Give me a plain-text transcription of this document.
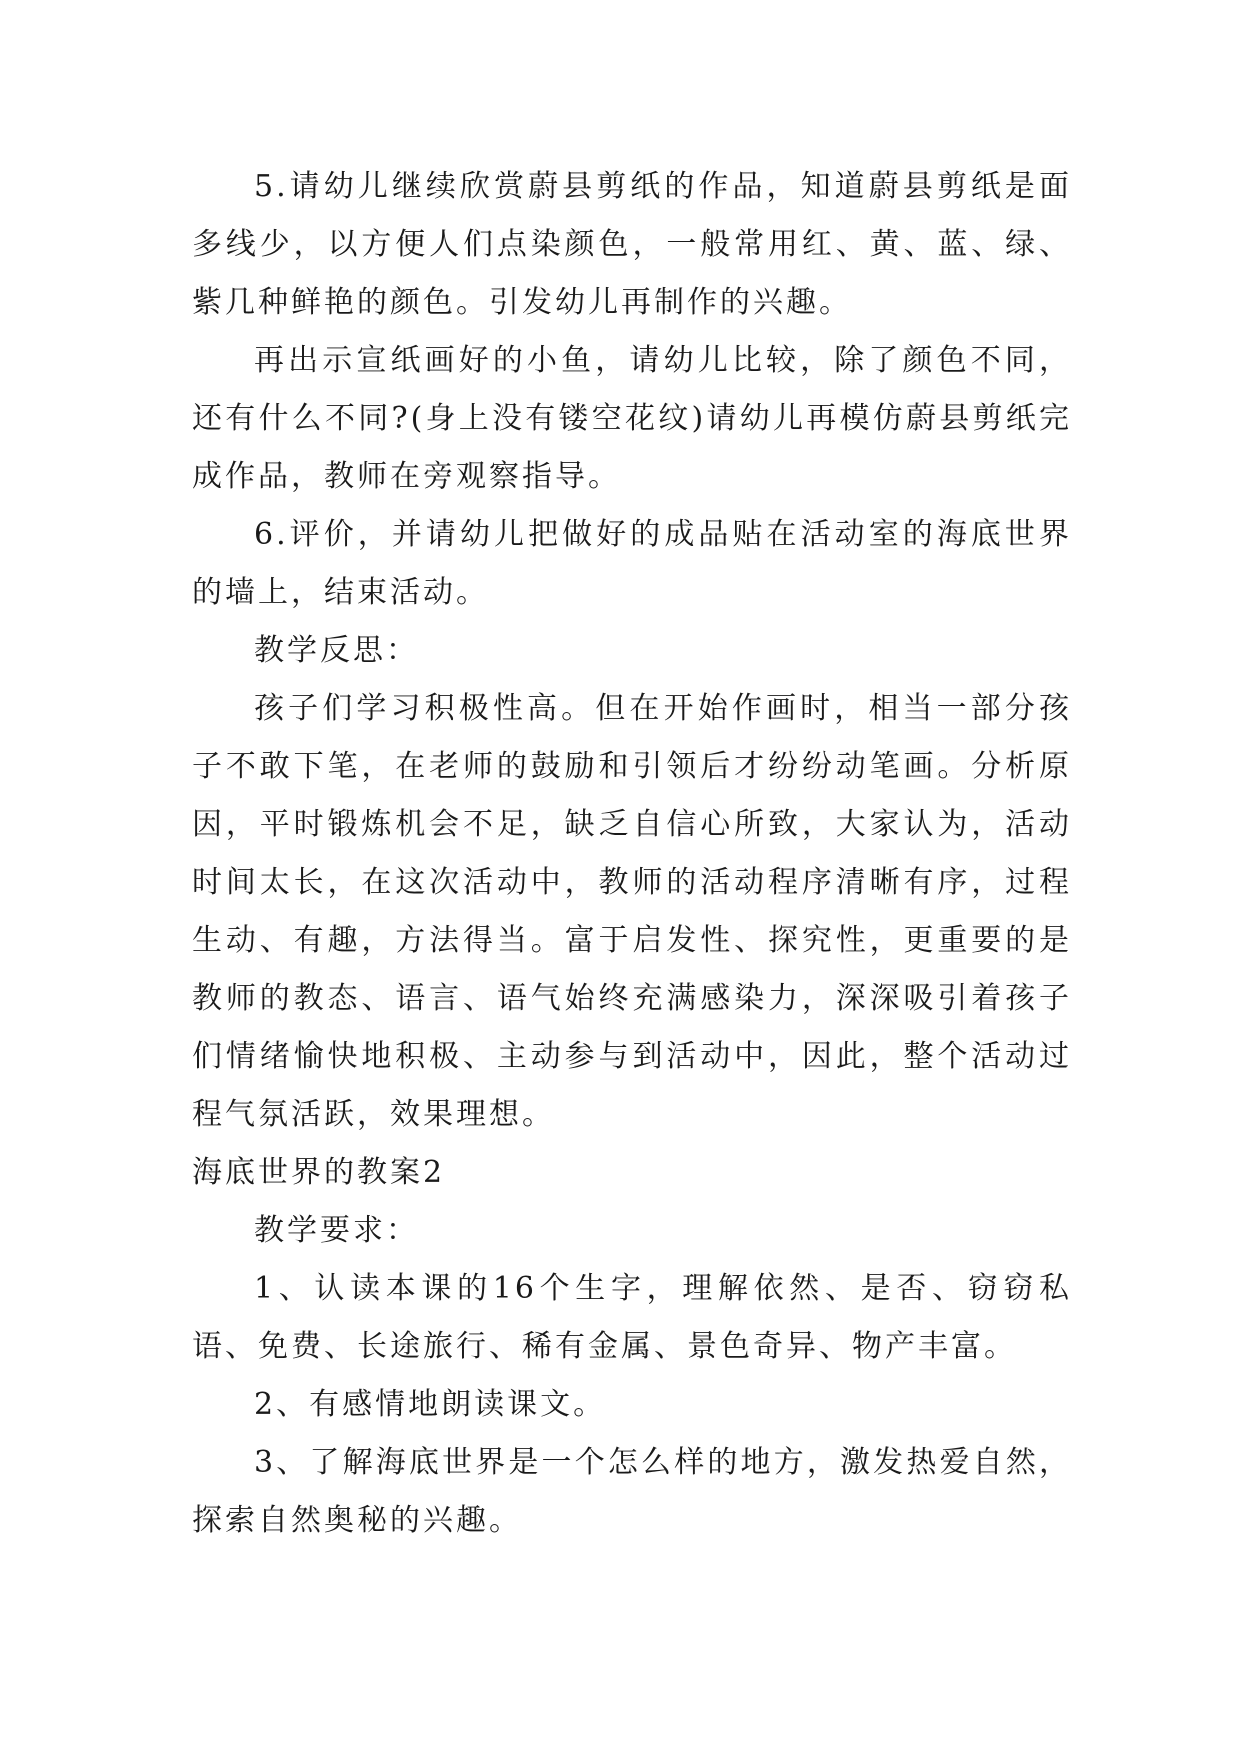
5.请幼儿继续欣赏蔚县剪纸的作品，知道蔚县剪纸是面多线少，以方便人们点染颜色，一般常用红、黄、蓝、绿、紫几种鲜艳的颜色。引发幼儿再制作的兴趣。

再出示宣纸画好的小鱼，请幼儿比较，除了颜色不同，还有什么不同?(身上没有镂空花纹)请幼儿再模仿蔚县剪纸完成作品，教师在旁观察指导。

6.评价，并请幼儿把做好的成品贴在活动室的海底世界的墙上，结束活动。

教学反思：

孩子们学习积极性高。但在开始作画时，相当一部分孩子不敢下笔，在老师的鼓励和引领后才纷纷动笔画。分析原因，平时锻炼机会不足，缺乏自信心所致，大家认为，活动时间太长，在这次活动中，教师的活动程序清晰有序，过程生动、有趣，方法得当。富于启发性、探究性，更重要的是教师的教态、语言、语气始终充满感染力，深深吸引着孩子们情绪愉快地积极、主动参与到活动中，因此，整个活动过程气氛活跃，效果理想。

海底世界的教案2

教学要求：

1、认读本课的16个生字，理解依然、是否、窃窃私语、免费、长途旅行、稀有金属、景色奇异、物产丰富。

2、有感情地朗读课文。

3、了解海底世界是一个怎么样的地方，激发热爱自然，探索自然奥秘的兴趣。
